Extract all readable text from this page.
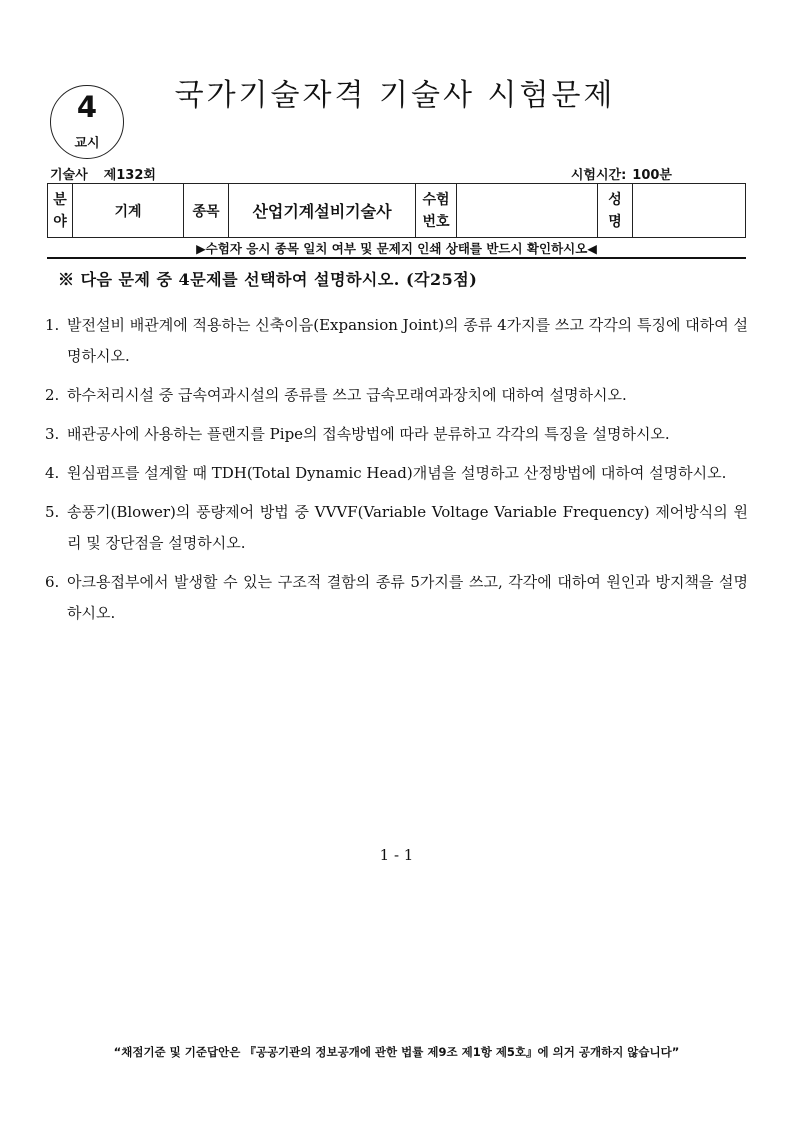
4
교시
국가기술자격 기술사 시험문제
기술사 제132회	시험시간: 100분
분야	기계	종목	산업기계설비기술사	수험번호		성명	
▶수험자 응시 종목 일치 여부 및 문제지 인쇄 상태를 반드시 확인하시오◀
※ 다음 문제 중 4문제를 선택하여 설명하시오. (각25점)
1. 발전설비 배관계에 적용하는 신축이음(Expansion Joint)의 종류 4가지를 쓰고 각각의 특징에 대하여 설명하시오.
2. 하수처리시설 중 급속여과시설의 종류를 쓰고 급속모래여과장치에 대하여 설명하시오.
3. 배관공사에 사용하는 플랜지를 Pipe의 접속방법에 따라 분류하고 각각의 특징을 설명하시오.
4. 원심펌프를 설계할 때 TDH(Total Dynamic Head)개념을 설명하고 산정방법에 대하여 설명하시오.
5. 송풍기(Blower)의 풍량제어 방법 중 VVVF(Variable Voltage Variable Frequency) 제어방식의 원리 및 장단점을 설명하시오.
6. 아크용접부에서 발생할 수 있는 구조적 결함의 종류 5가지를 쓰고, 각각에 대하여 원인과 방지책을 설명하시오.
1 - 1
“채점기준 및 기준답안은 『공공기관의 정보공개에 관한 법률 제9조 제1항 제5호』에 의거 공개하지 않습니다”
